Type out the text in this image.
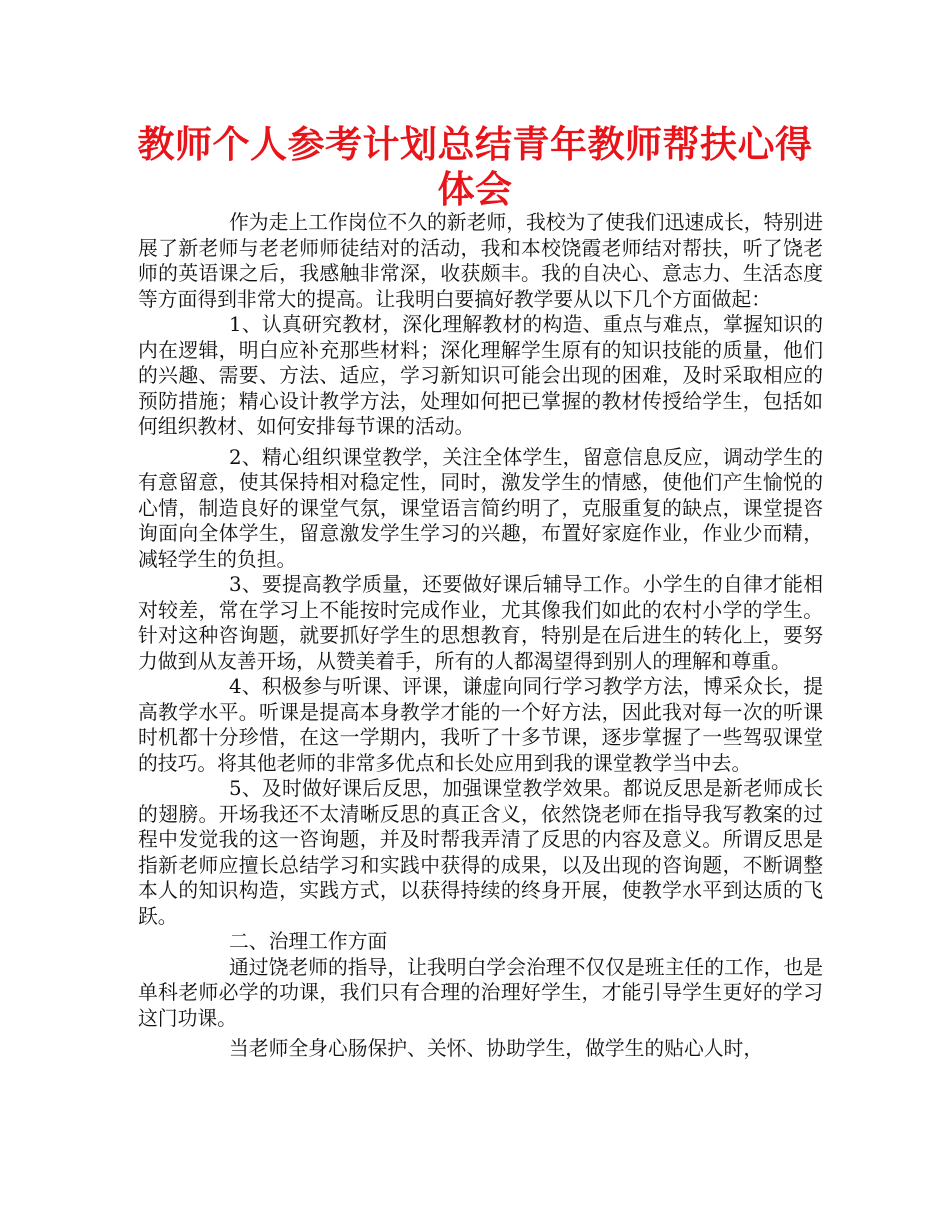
教师个人参考计划总结青年教师帮扶心得体会

作为走上工作岗位不久的新老师，我校为了使我们迅速成长，特别进展了新老师与老老师师徒结对的活动，我和本校饶霞老师结对帮扶，听了饶老师的英语课之后，我感触非常深，收获颇丰。我的自决心、意志力、生活态度等方面得到非常大的提高。让我明白要搞好教学要从以下几个方面做起：

1、认真研究教材，深化理解教材的构造、重点与难点，掌握知识的内在逻辑，明白应补充那些材料；深化理解学生原有的知识技能的质量，他们的兴趣、需要、方法、适应，学习新知识可能会出现的困难，及时采取相应的预防措施；精心设计教学方法，处理如何把已掌握的教材传授给学生，包括如何组织教材、如何安排每节课的活动。

2、精心组织课堂教学，关注全体学生，留意信息反应，调动学生的有意留意，使其保持相对稳定性，同时，激发学生的情感，使他们产生愉悦的心情，制造良好的课堂气氛，课堂语言简约明了，克服重复的缺点，课堂提咨询面向全体学生，留意激发学生学习的兴趣，布置好家庭作业，作业少而精，减轻学生的负担。

3、要提高教学质量，还要做好课后辅导工作。小学生的自律才能相对较差，常在学习上不能按时完成作业，尤其像我们如此的农村小学的学生。针对这种咨询题，就要抓好学生的思想教育，特别是在后进生的转化上，要努力做到从友善开场，从赞美着手，所有的人都渴望得到别人的理解和尊重。

4、积极参与听课、评课，谦虚向同行学习教学方法，博采众长，提高教学水平。听课是提高本身教学才能的一个好方法，因此我对每一次的听课时机都十分珍惜，在这一学期内，我听了十多节课，逐步掌握了一些驾驭课堂的技巧。将其他老师的非常多优点和长处应用到我的课堂教学当中去。

5、及时做好课后反思，加强课堂教学效果。都说反思是新老师成长的翅膀。开场我还不太清晰反思的真正含义，依然饶老师在指导我写教案的过程中发觉我的这一咨询题，并及时帮我弄清了反思的内容及意义。所谓反思是指新老师应擅长总结学习和实践中获得的成果，以及出现的咨询题，不断调整本人的知识构造，实践方式，以获得持续的终身开展，使教学水平到达质的飞跃。

二、治理工作方面

通过饶老师的指导，让我明白学会治理不仅仅是班主任的工作，也是单科老师必学的功课，我们只有合理的治理好学生，才能引导学生更好的学习这门功课。

当老师全身心肠保护、关怀、协助学生，做学生的贴心人时，
